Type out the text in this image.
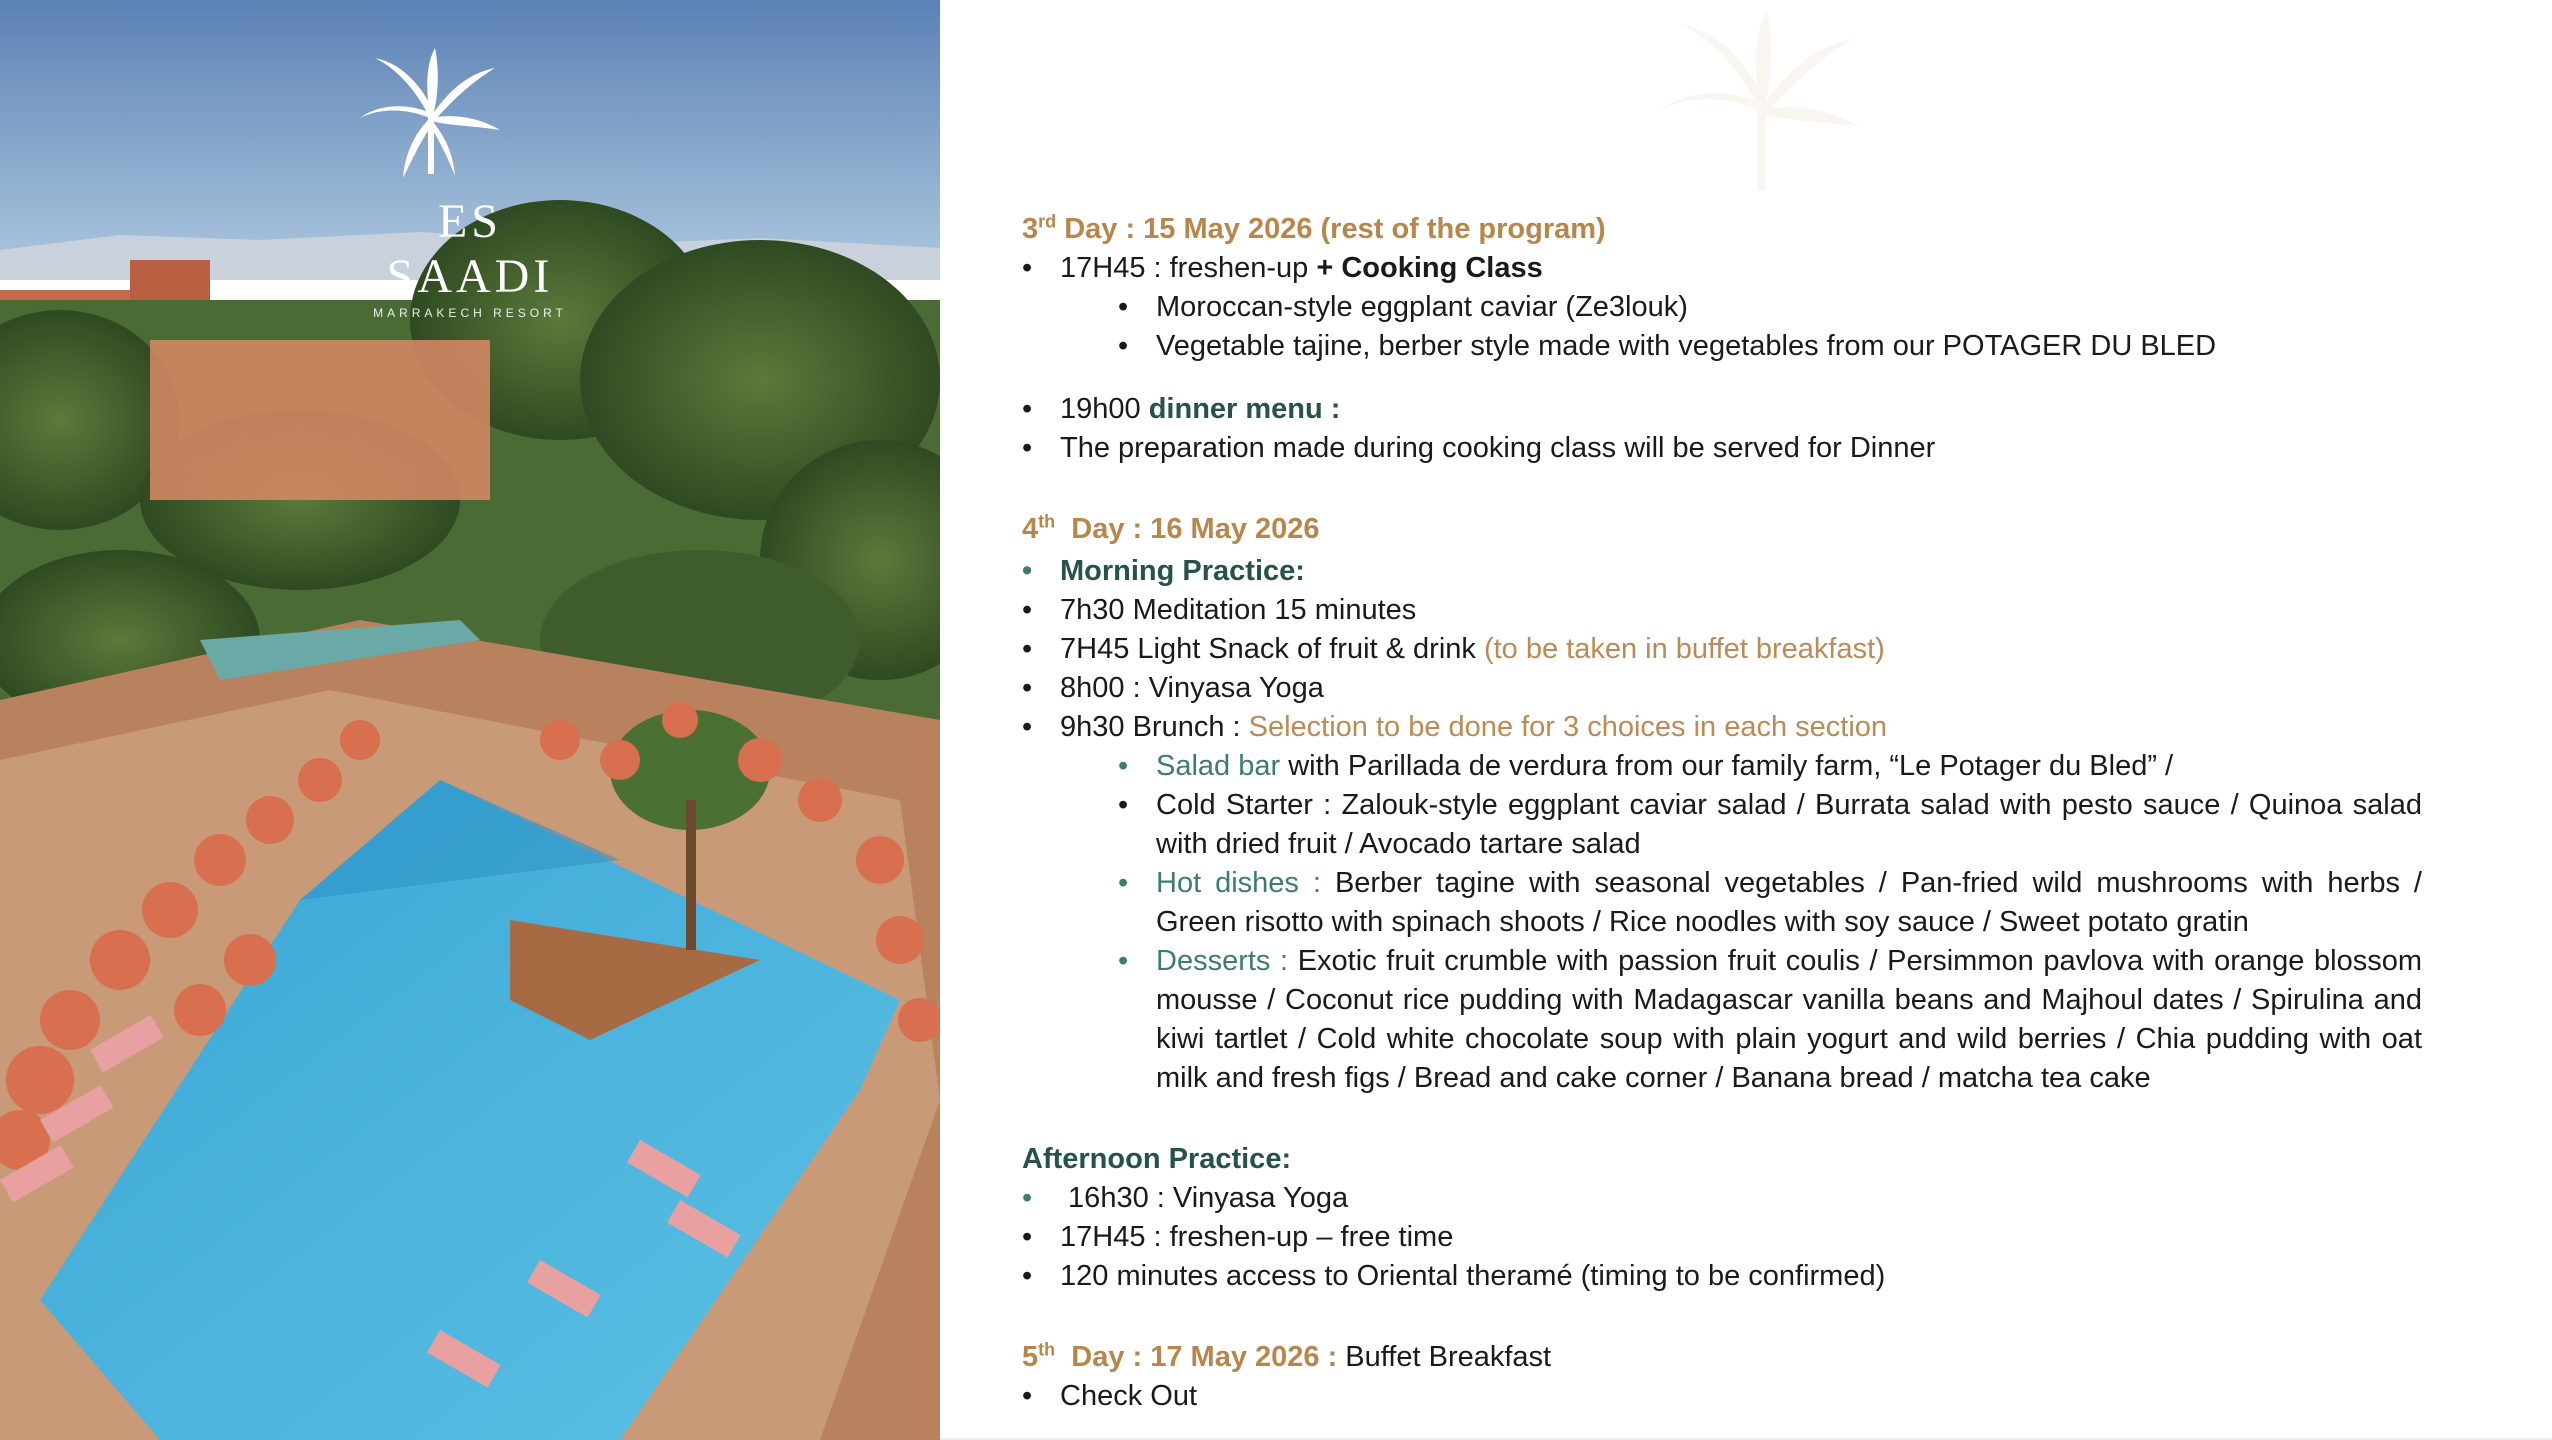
ES SAADI
MARRAKECH RESORT
3rd Day : 15 May 2026 (rest of the program)
• 17H45 : freshen-up + Cooking Class
• Moroccan-style eggplant caviar (Ze3louk)
• Vegetable tajine, berber style made with vegetables from our POTAGER DU BLED
• 19h00 dinner menu :
• The preparation made during cooking class will be served for Dinner
4th  Day : 16 May 2026
• Morning Practice:
• 7h30 Meditation 15 minutes
• 7H45 Light Snack of fruit & drink (to be taken in buffet breakfast)
• 8h00 : Vinyasa Yoga
• 9h30 Brunch : Selection to be done for 3 choices in each section
• Salad bar with Parillada de verdura from our family farm, “Le Potager du Bled” /
• Cold Starter : Zalouk-style eggplant caviar salad / Burrata salad with pesto sauce / Quinoa salad with dried fruit / Avocado tartare salad
• Hot dishes : Berber tagine with seasonal vegetables / Pan-fried wild mushrooms with herbs / Green risotto with spinach shoots / Rice noodles with soy sauce / Sweet potato gratin
• Desserts : Exotic fruit crumble with passion fruit coulis / Persimmon pavlova with orange blossom mousse / Coconut rice pudding with Madagascar vanilla beans and Majhoul dates / Spirulina and kiwi tartlet / Cold white chocolate soup with plain yogurt and wild berries / Chia pudding with oat milk and fresh figs / Bread and cake corner / Banana bread / matcha tea cake
Afternoon Practice:
•  16h30 : Vinyasa Yoga
• 17H45 : freshen-up – free time
• 120 minutes access to Oriental theramé (timing to be confirmed)
5th  Day : 17 May 2026 : Buffet Breakfast
• Check Out
